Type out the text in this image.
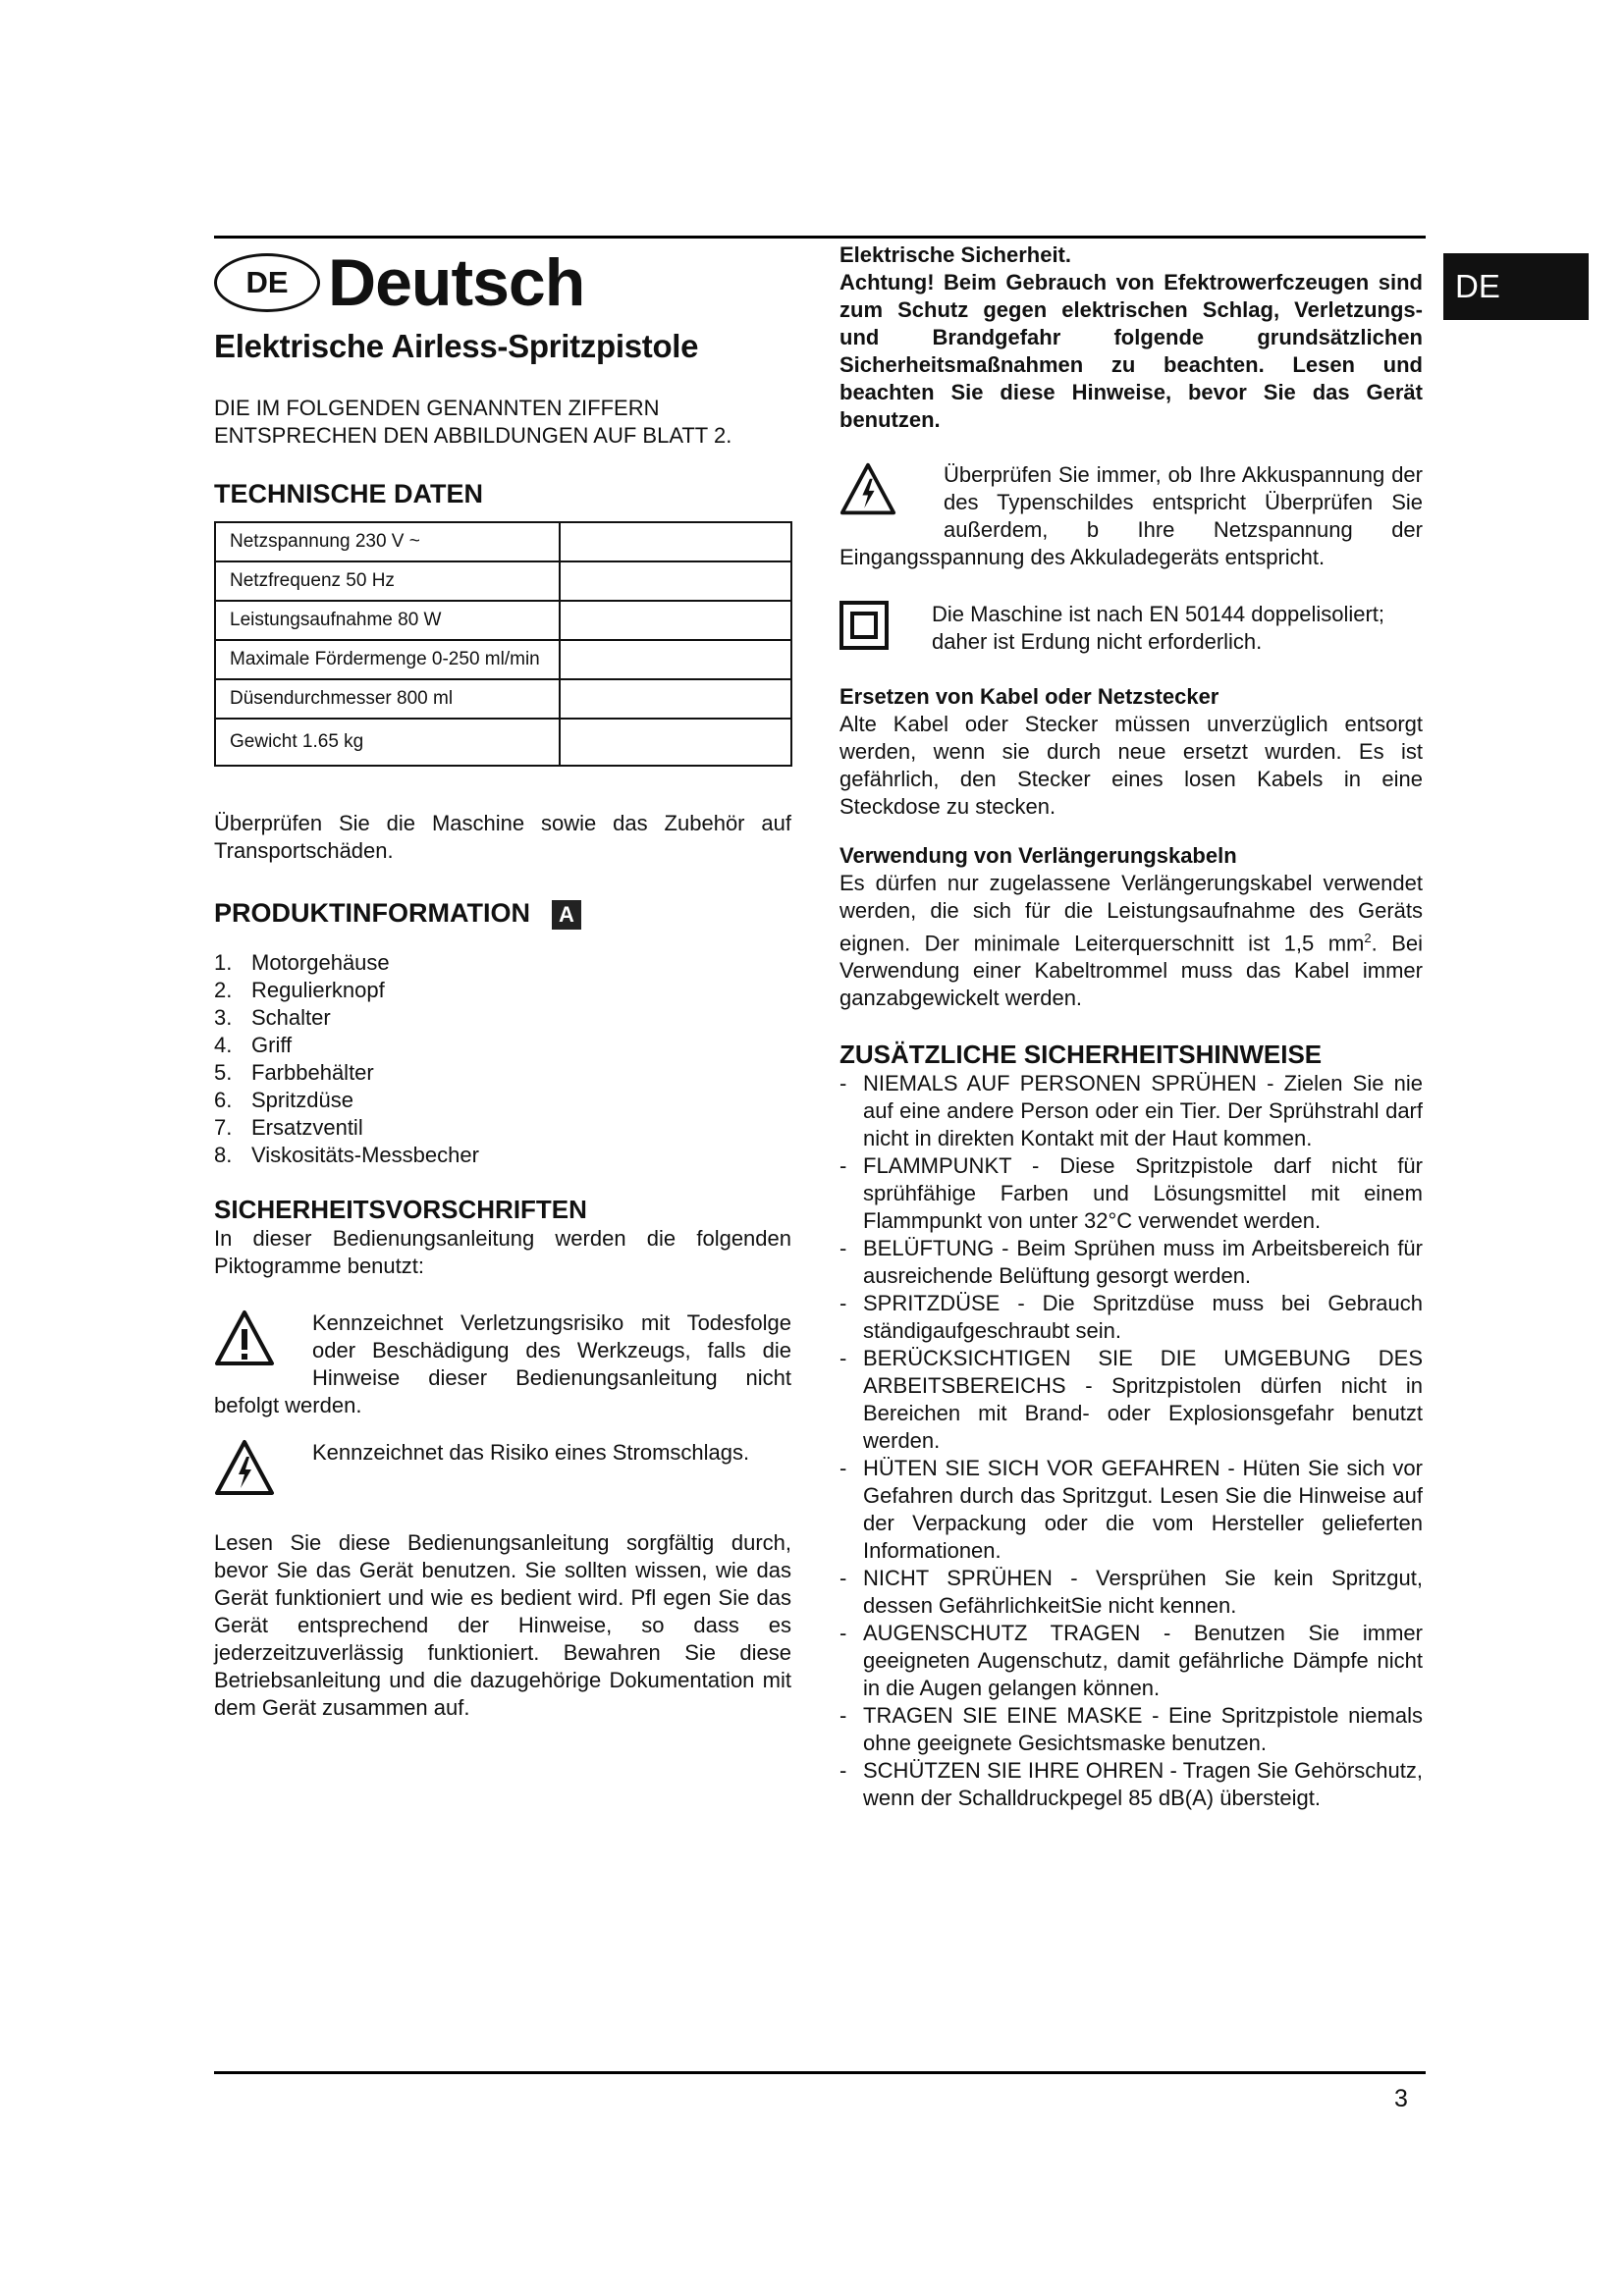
DE
DE Deutsch
Elektrische Airless-Spritzpistole
DIE IM FOLGENDEN GENANNTEN ZIFFERN
ENTSPRECHEN DEN ABBILDUNGEN AUF BLATT 2.
TECHNISCHE DATEN
Netzspannung 230 V ~	
Netzfrequenz 50 Hz	
Leistungsaufnahme 80 W	
Maximale Fördermenge 0-250 ml/min	
Düsendurchmesser 800 ml	
Gewicht 1.65 kg	
Überprüfen Sie die Maschine sowie das Zubehör auf Transportschäden.
PRODUKTINFORMATION A
1. Motorgehäuse
2. Regulierknopf
3. Schalter
4. Griff
5. Farbbehälter
6. Spritzdüse
7. Ersatzventil
8. Viskositäts-Messbecher
SICHERHEITSVORSCHRIFTEN
In dieser Bedienungsanleitung werden die folgenden Piktogramme benutzt:
Kennzeichnet Verletzungsrisiko mit Todesfolge oder Beschädigung des Werkzeugs, falls die Hinweise dieser Bedienungsanleitung nicht befolgt werden.
Kennzeichnet das Risiko eines Stromschlags.
Lesen Sie diese Bedienungsanleitung sorgfältig durch, bevor Sie das Gerät benutzen. Sie sollten wissen, wie das Gerät funktioniert und wie es bedient wird. Pfl egen Sie das Gerät entsprechend der Hinweise, so dass es jederzeitzuverlässig funktioniert. Bewahren Sie diese Betriebsanleitung und die dazugehörige Dokumentation mit dem Gerät zusammen auf.
Elektrische Sicherheit.
Achtung! Beim Gebrauch von Efektrowerfczeugen sind zum Schutz gegen elektrischen Schlag, Verletzungs- und Brandgefahr folgende grundsätzlichen Sicherheitsmaßnahmen zu beachten. Lesen und beachten Sie diese Hinweise, bevor Sie das Gerät benutzen.
Überprüfen Sie immer, ob Ihre Akkuspannung der des Typenschildes entspricht Überprüfen Sie außerdem, b Ihre Netzspannung der Eingangsspannung des Akkuladegeräts entspricht.
Die Maschine ist nach EN 50144 doppelisoliert; daher ist Erdung nicht erforderlich.
Ersetzen von Kabel oder Netzstecker
Alte Kabel oder Stecker müssen unverzüglich entsorgt werden, wenn sie durch neue ersetzt wurden. Es ist gefährlich, den Stecker eines losen Kabels in eine Steckdose zu stecken.
Verwendung von Verlängerungskabeln
Es dürfen nur zugelassene Verlängerungskabel verwendet werden, die sich für die Leistungsaufnahme des Geräts eignen. Der minimale Leiterquerschnitt ist 1,5 $mm^2$. Bei Verwendung einer Kabeltrommel muss das Kabel immer ganzabgewickelt werden.
ZUSÄTZLICHE SICHERHEITSHINWEISE
- NIEMALS AUF PERSONEN SPRÜHEN - Zielen Sie nie auf eine andere Person oder ein Tier. Der Sprühstrahl darf nicht in direkten Kontakt mit der Haut kommen.
- FLAMMPUNKT - Diese Spritzpistole darf nicht für sprühfähige Farben und Lösungsmittel mit einem Flammpunkt von unter 32°C verwendet werden.
- BELÜFTUNG - Beim Sprühen muss im Arbeitsbereich für ausreichende Belüftung gesorgt werden.
- SPRITZDÜSE - Die Spritzdüse muss bei Gebrauch ständigaufgeschraubt sein.
- BERÜCKSICHTIGEN SIE DIE UMGEBUNG DES ARBEITSBEREICHS - Spritzpistolen dürfen nicht in Bereichen mit Brand- oder Explosionsgefahr benutzt werden.
- HÜTEN SIE SICH VOR GEFAHREN - Hüten Sie sich vor Gefahren durch das Spritzgut. Lesen Sie die Hinweise auf der Verpackung oder die vom Hersteller gelieferten Informationen.
- NICHT SPRÜHEN - Versprühen Sie kein Spritzgut, dessen GefährlichkeitSie nicht kennen.
- AUGENSCHUTZ TRAGEN - Benutzen Sie immer geeigneten Augenschutz, damit gefährliche Dämpfe nicht in die Augen gelangen können.
- TRAGEN SIE EINE MASKE - Eine Spritzpistole niemals ohne geeignete Gesichtsmaske benutzen.
- SCHÜTZEN SIE IHRE OHREN - Tragen Sie Gehörschutz, wenn der Schalldruckpegel 85 dB(A) übersteigt.
3
